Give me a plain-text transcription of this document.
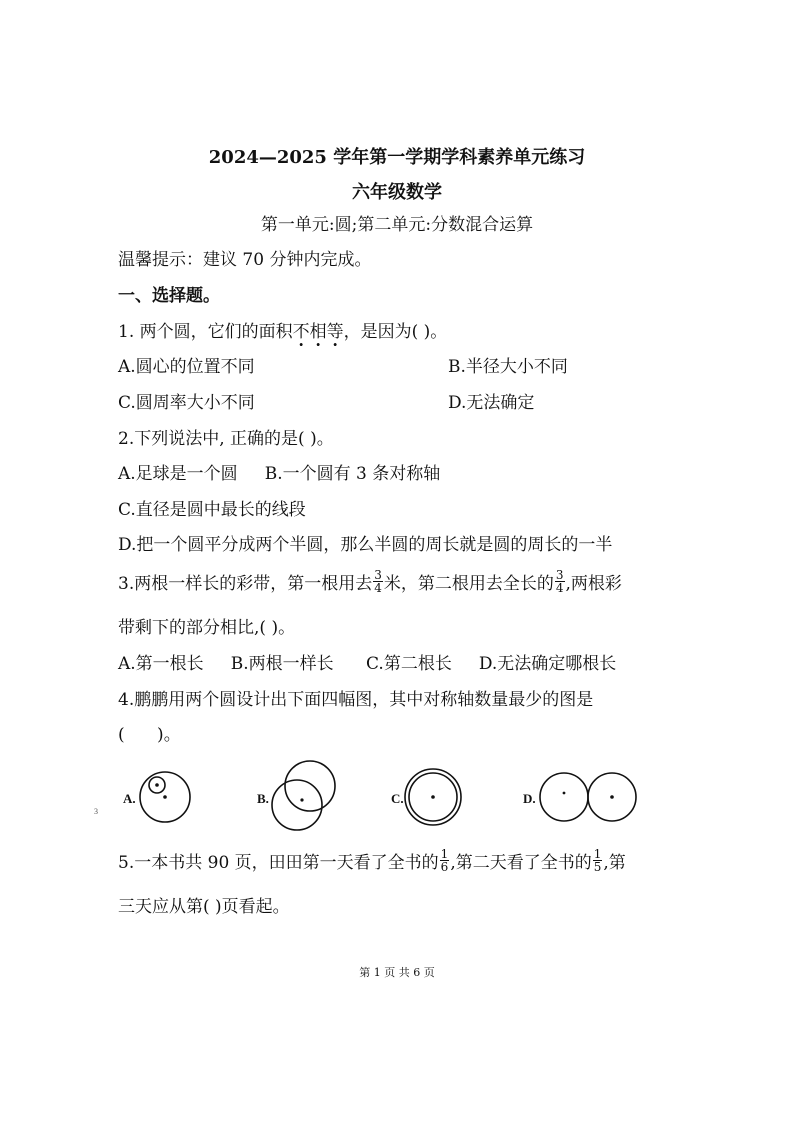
2024—2025 学年第一学期学科素养单元练习
六年级数学
第一单元:圆;第二单元:分数混合运算
温馨提示：建议 70 分钟内完成。
一、选择题。
1. 两个圆，它们的面积不相等，是因为( )。
A.圆心的位置不同	B.半径大小不同
C.圆周率大小不同	D.无法确定
2.下列说法中, 正确的是( )。
A.足球是一个圆     B.一个圆有 3 条对称轴
C.直径是圆中最长的线段
D.把一个圆平分成两个半圆，那么半圆的周长就是圆的周长的一半
3.两根一样长的彩带，第一根用去 $\frac{3}{4}$ 米，第二根用去全长的 $\frac{3}{4}$ ,两根彩
带剩下的部分相比,( )。
A.第一根长     B.两根一样长      C.第二根长     D.无法确定哪根长
4.鹏鹏用两个圆设计出下面四幅图，其中对称轴数量最少的图是
(      )。
3
A.	B.	C.	D.
5.一本书共 90 页，田田第一天看了全书的 $\frac{1}{6}$ ,第二天看了全书的 $\frac{1}{5}$ ,第
三天应从第( )页看起。
第 1 页 共 6 页
